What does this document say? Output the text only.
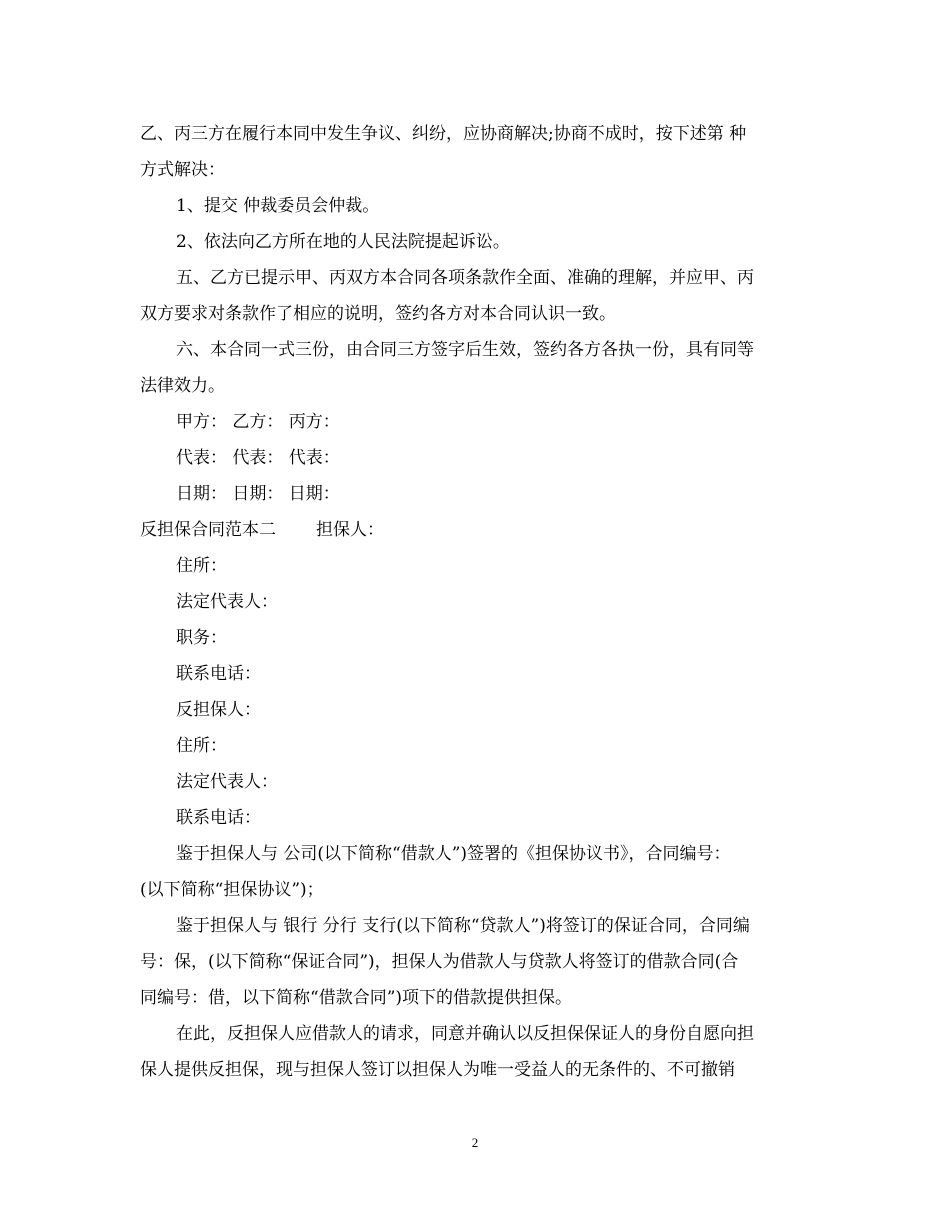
乙、丙三方在履行本同中发生争议、纠纷，应协商解决;协商不成时，按下述第 种
方式解决：
1、提交 仲裁委员会仲裁。
2、依法向乙方所在地的人民法院提起诉讼。
五、乙方已提示甲、丙双方本合同各项条款作全面、准确的理解，并应甲、丙
双方要求对条款作了相应的说明，签约各方对本合同认识一致。
六、本合同一式三份，由合同三方签字后生效，签约各方各执一份，具有同等
法律效力。
甲方： 乙方： 丙方：
代表： 代表： 代表：
日期： 日期： 日期：
反担保合同范本二 担保人：
住所：
法定代表人：
职务：
联系电话：
反担保人：
住所：
法定代表人：
联系电话：
鉴于担保人与 公司(以下简称“借款人”)签署的《担保协议书》，合同编号：
(以下简称“担保协议”)；
鉴于担保人与 银行 分行 支行(以下简称“贷款人”)将签订的保证合同，合同编
号：保，(以下简称“保证合同”)，担保人为借款人与贷款人将签订的借款合同(合
同编号：借，以下简称“借款合同”)项下的借款提供担保。
在此，反担保人应借款人的请求，同意并确认以反担保保证人的身份自愿向担
保人提供反担保，现与担保人签订以担保人为唯一受益人的无条件的、不可撤销
2
